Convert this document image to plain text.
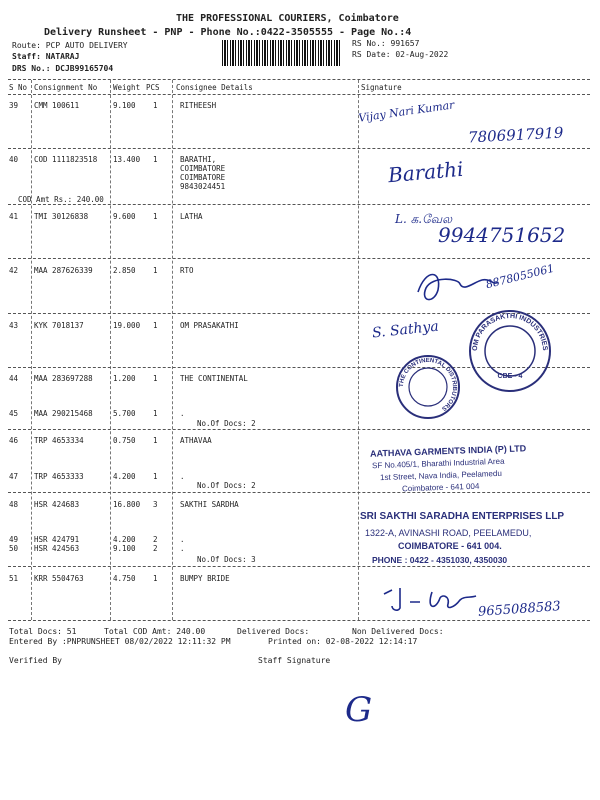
THE PROFESSIONAL COURIERS, Coimbatore
Delivery Runsheet - PNP - Phone No.:0422-3505555 - Page No.:4
Route: PCP AUTO DELIVERY
Staff: NATARAJ
DRS No.: DCJB99165704
RS No.: 991657
RS Date: 02-Aug-2022
S No Consignment No Weight PCS Consignee Details	Signature
39 CMM 100611	9.100 1	RITHEESH
40 COD 1111823518 13.400 1	BARATHI,
COIMBATORE
COIMBATORE
9843024451
COD Amt Rs.: 240.00
41 TMI 30126838	9.600 1	LATHA
42 MAA 287626339	2.850 1	RTO
43 KYK 7018137	19.000 1	OM PRASAKATHI
44 MAA 283697288	1.200 1	THE CONTINENTAL
45 MAA 290215468	5.700 1	.
No.Of Docs: 2
46 TRP 4653334	0.750 1	ATHAVAA
47 TRP 4653333	4.200 1	.
No.Of Docs: 2
48 HSR 424683	16.800 3	SAKTHI SARDHA
49 HSR 424791	4.200 2	.
50 HSR 424563	9.100 2	.
No.Of Docs: 3
51 KRR 5504763	4.750 1	BUMPY BRIDE
Total Docs: 51	Total COD Amt: 240.00	Delivered Docs:	Non Delivered Docs:
Entered By :PNPRUNSHEET 08/02/2022 12:11:32 PM	Printed on: 02-08-2022 12:14:17
Verified By	Staff Signature
Vijay Nari Kumar
7806917919
Barathi
L. க.வேல
9944751652
8878055061
S. Sathya
9655088583
G
OM PARASAKTHI INDUSTRIES
CBE - 4
THE CONTINENTAL DISTRIBUTORS
AATHAVA GARMENTS INDIA (P) LTD
SF No.405/1, Bharathi Industrial Area
1st Street, Nava India, Peelamedu
Coimbatore - 641 004
SRI SAKTHI SARADHA ENTERPRISES LLP
1322-A, AVINASHI ROAD, PEELAMEDU,
COIMBATORE - 641 004.
PHONE : 0422 - 4351030, 4350030
